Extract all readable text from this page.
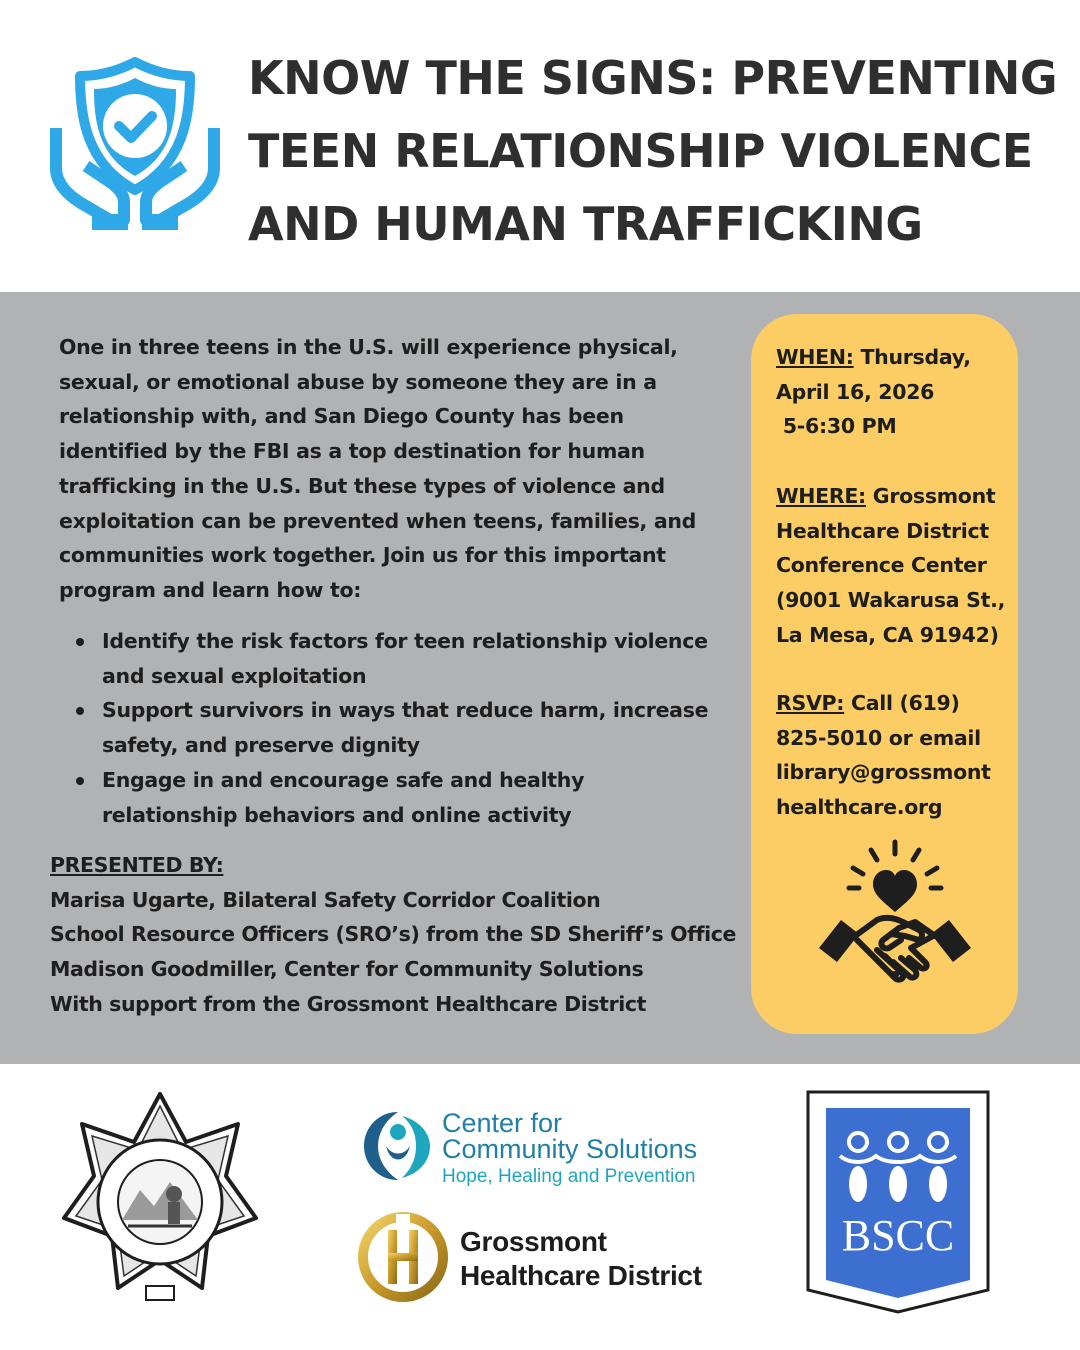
KNOW THE SIGNS: PREVENTING
TEEN RELATIONSHIP VIOLENCE
AND HUMAN TRAFFICKING
One in three teens in the U.S. will experience physical,
sexual, or emotional abuse by someone they are in a
relationship with, and San Diego County has been
identified by the FBI as a top destination for human
trafficking in the U.S. But these types of violence and
exploitation can be prevented when teens, families, and
communities work together. Join us for this important
program and learn how to:
Identify the risk factors for teen relationship violence
and sexual exploitation
Support survivors in ways that reduce harm, increase
safety, and preserve dignity
Engage in and encourage safe and healthy
relationship behaviors and online activity
PRESENTED BY:
Marisa Ugarte, Bilateral Safety Corridor Coalition
School Resource Officers (SRO’s) from the SD Sheriff’s Office
Madison Goodmiller, Center for Community Solutions
With support from the Grossmont Healthcare District
WHEN: Thursday,
April 16, 2026
5-6:30 PM
WHERE: Grossmont
Healthcare District
Conference Center
(9001 Wakarusa St.,
La Mesa, CA 91942)
RSVP: Call (619)
825-5010 or email
library@grossmont
healthcare.org
Center for
Community Solutions
Hope, Healing and Prevention
Grossmont
Healthcare District
BSCC
